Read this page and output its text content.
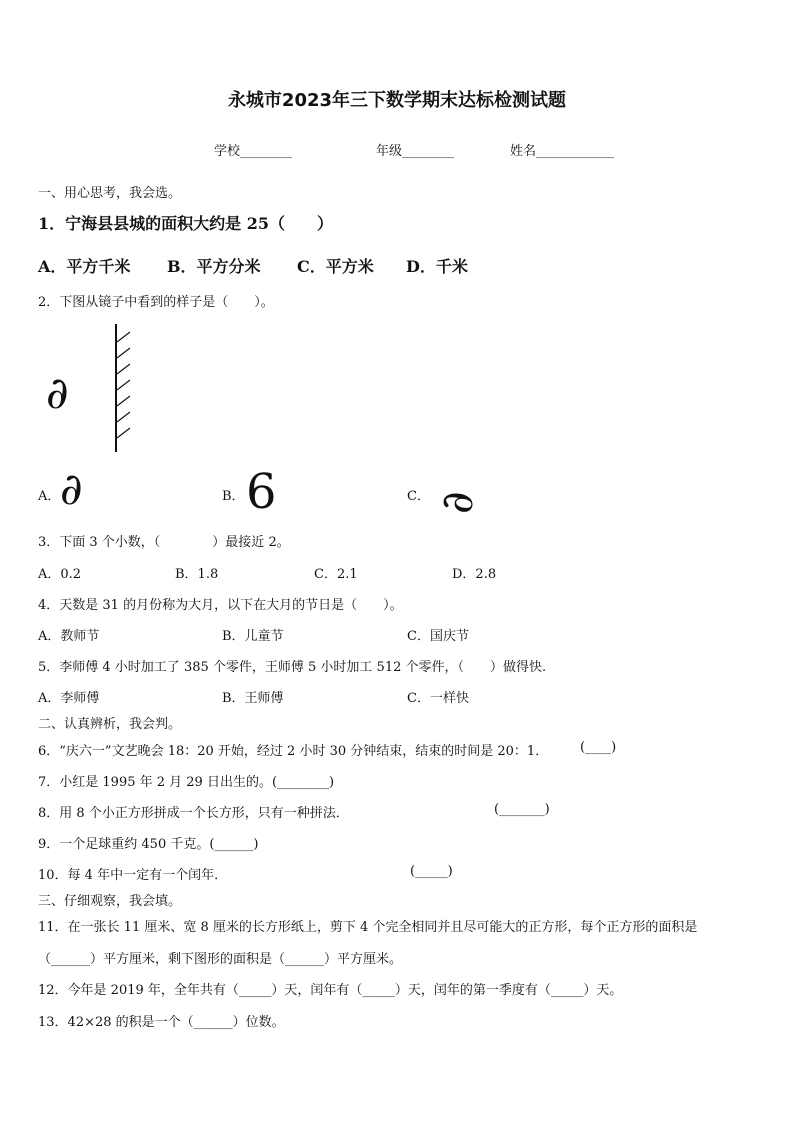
永城市2023年三下数学期末达标检测试题
学校________	年级________	姓名____________
一、用心思考，我会选。
1．宁海县县城的面积大约是 25（　　）
A．平方千米 B．平方分米 C．平方米 D．千米
2．下图从镜子中看到的样子是（　　）。
∂
A． ∂	B． 6	C． ∂
3．下面 3 个小数，（　　　　）最接近 2。
A．0.2	B．1.8	C．2.1	D．2.8
4．天数是 31 的月份称为大月，以下在大月的节日是（　　）。
A．教师节	B．儿童节	C．国庆节
5．李师傅 4 小时加工了 385 个零件，王师傅 5 小时加工 512 个零件，（　　）做得快.
A．李师傅	B．王师傅	C．一样快
二、认真辨析，我会判。
6．“庆六一”文艺晚会 18：20 开始，经过 2 小时 30 分钟结束，结束的时间是 20：1． (____)
7．小红是 1995 年 2 月 29 日出生的。(________)
8．用 8 个小正方形拼成一个长方形，只有一种拼法．	(_______)
9．一个足球重约 450 千克。(______)
10．每 4 年中一定有一个闰年．	(_____)
三、仔细观察，我会填。
11．在一张长 11 厘米、宽 8 厘米的长方形纸上，剪下 4 个完全相同并且尽可能大的正方形，每个正方形的面积是
（______）平方厘米，剩下图形的面积是（______）平方厘米。
12．今年是 2019 年，全年共有（_____）天，闰年有（_____）天，闰年的第一季度有（_____）天。
13．42×28 的积是一个（______）位数。
